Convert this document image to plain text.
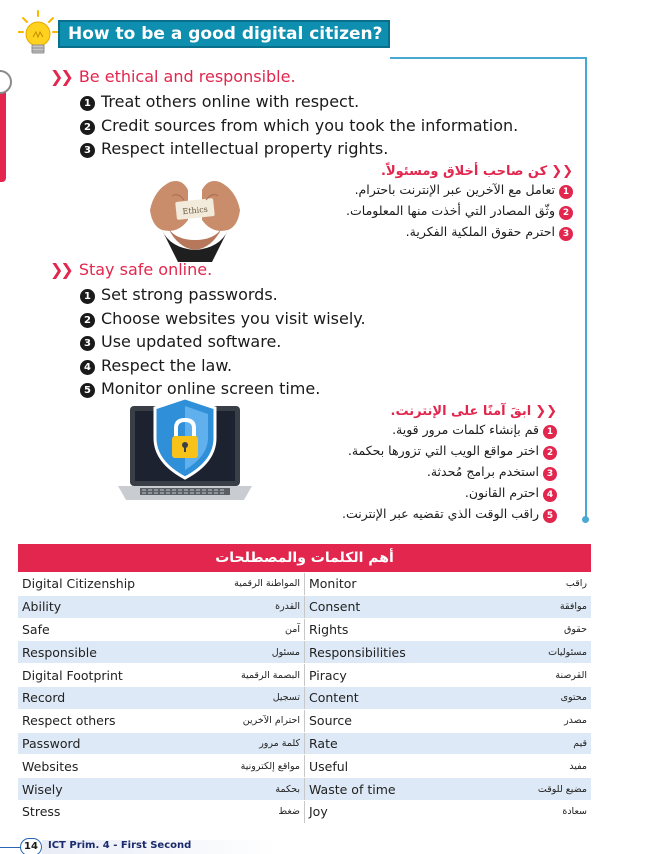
How to be a good digital citizen?
❯❯ Be ethical and responsible.
1 Treat others online with respect.
2 Credit sources from which you took the information.
3 Respect intellectual property rights.
❮❮كن صاحب أخلاق ومسئولاً.
1تعامل مع الآخرين عبر الإنترنت باحترام.
2وثّق المصادر التي أخذت منها المعلومات.
3احترم حقوق الملكية الفكرية.
Ethics
❯❯ Stay safe online.
1 Set strong passwords.
2 Choose websites you visit wisely.
3 Use updated software.
4 Respect the law.
5 Monitor online screen time.
❮❮ابقَ آمنًا على الإنترنت.
1قم بإنشاء كلمات مرور قوية.
2اختر مواقع الويب التي تزورها بحكمة.
3استخدم برامج مُحدثة.
4احترم القانون.
5راقب الوقت الذي تقضيه عبر الإنترنت.
أهم الكلمات والمصطلحات
Digital Citizenship	المواطنة الرقمية Monitor	راقب
Ability	القدرة Consent	موافقة
Safe	آمن Rights	حقوق
Responsible	مسئول Responsibilities	مسئوليات
Digital Footprint	البصمة الرقمية Piracy	القرصنة
Record	تسجيل Content	محتوى
Respect others	احترام الآخرين Source	مصدر
Password	كلمة مرور Rate	قيم
Websites	مواقع إلكترونية Useful	مفيد
Wisely	بحكمة Waste of time	مضيع للوقت
Stress	ضغط Joy	سعادة
14	ICT Prim. 4 - First Second
